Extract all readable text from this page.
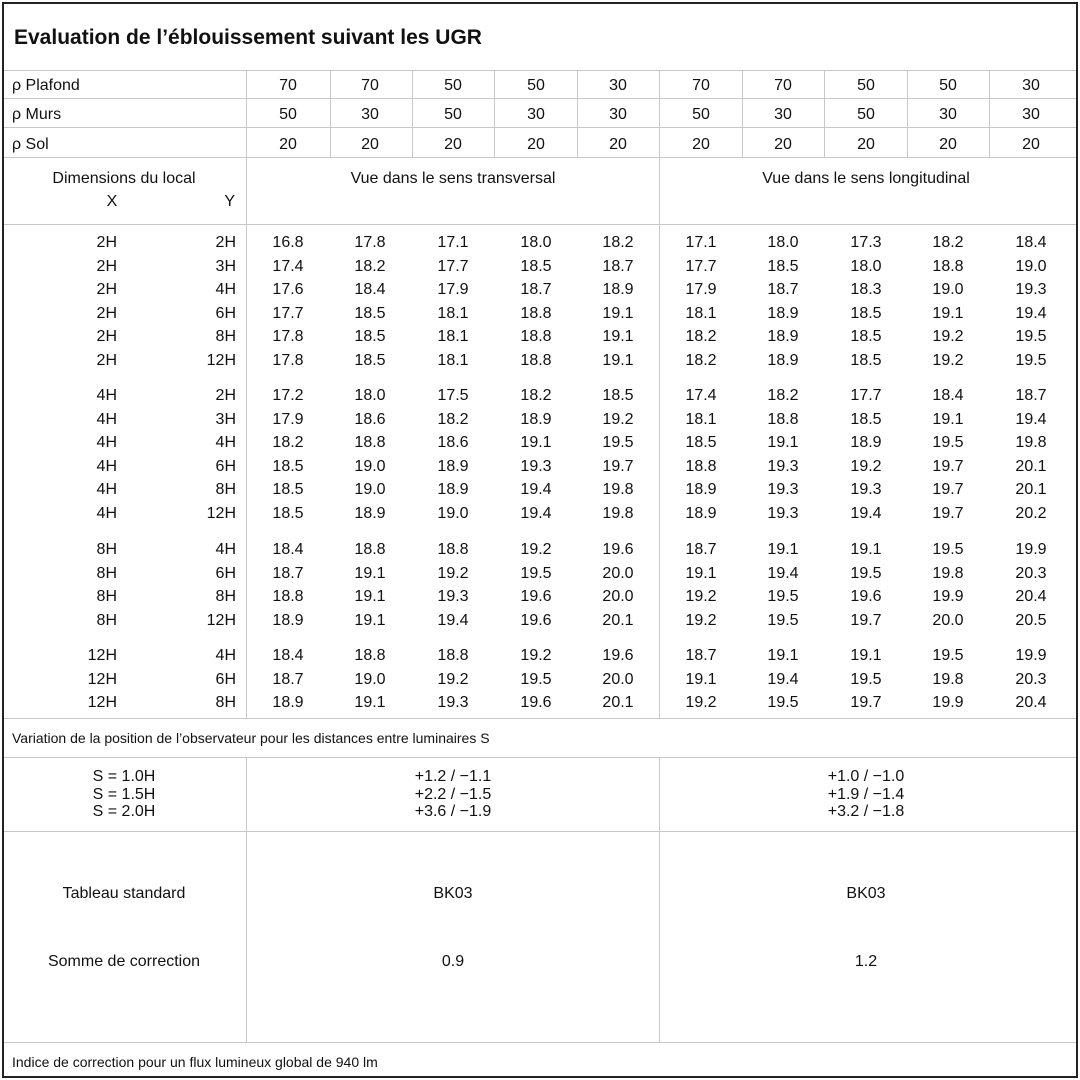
Evaluation de l’éblouissement suivant les UGR
ρ Plafond	70	70	50	50	30	70	70	50	50	30
ρ Murs	50	30	50	30	30	50	30	50	30	30
ρ Sol	20	20	20	20	20	20	20	20	20	20
Dimensions du local
X	Y
Vue dans le sens transversal	Vue dans le sens longitudinal
2H	2H	16.8	17.8	17.1	18.0	18.2	17.1	18.0	17.3	18.2	18.4
2H	3H	17.4	18.2	17.7	18.5	18.7	17.7	18.5	18.0	18.8	19.0
2H	4H	17.6	18.4	17.9	18.7	18.9	17.9	18.7	18.3	19.0	19.3
2H	6H	17.7	18.5	18.1	18.8	19.1	18.1	18.9	18.5	19.1	19.4
2H	8H	17.8	18.5	18.1	18.8	19.1	18.2	18.9	18.5	19.2	19.5
2H	12H	17.8	18.5	18.1	18.8	19.1	18.2	18.9	18.5	19.2	19.5
4H	2H	17.2	18.0	17.5	18.2	18.5	17.4	18.2	17.7	18.4	18.7
4H	3H	17.9	18.6	18.2	18.9	19.2	18.1	18.8	18.5	19.1	19.4
4H	4H	18.2	18.8	18.6	19.1	19.5	18.5	19.1	18.9	19.5	19.8
4H	6H	18.5	19.0	18.9	19.3	19.7	18.8	19.3	19.2	19.7	20.1
4H	8H	18.5	19.0	18.9	19.4	19.8	18.9	19.3	19.3	19.7	20.1
4H	12H	18.5	18.9	19.0	19.4	19.8	18.9	19.3	19.4	19.7	20.2
8H	4H	18.4	18.8	18.8	19.2	19.6	18.7	19.1	19.1	19.5	19.9
8H	6H	18.7	19.1	19.2	19.5	20.0	19.1	19.4	19.5	19.8	20.3
8H	8H	18.8	19.1	19.3	19.6	20.0	19.2	19.5	19.6	19.9	20.4
8H	12H	18.9	19.1	19.4	19.6	20.1	19.2	19.5	19.7	20.0	20.5
12H	4H	18.4	18.8	18.8	19.2	19.6	18.7	19.1	19.1	19.5	19.9
12H	6H	18.7	19.0	19.2	19.5	20.0	19.1	19.4	19.5	19.8	20.3
12H	8H	18.9	19.1	19.3	19.6	20.1	19.2	19.5	19.7	19.9	20.4
Variation de la position de l’observateur pour les distances entre luminaires S
S = 1.0H	+1.2 / −1.1	+1.0 / −1.0
S = 1.5H	+2.2 / −1.5	+1.9 / −1.4
S = 2.0H	+3.6 / −1.9	+3.2 / −1.8
Tableau standard	BK03	BK03
Somme de correction	0.9	1.2
Indice de correction pour un flux lumineux global de 940 lm
